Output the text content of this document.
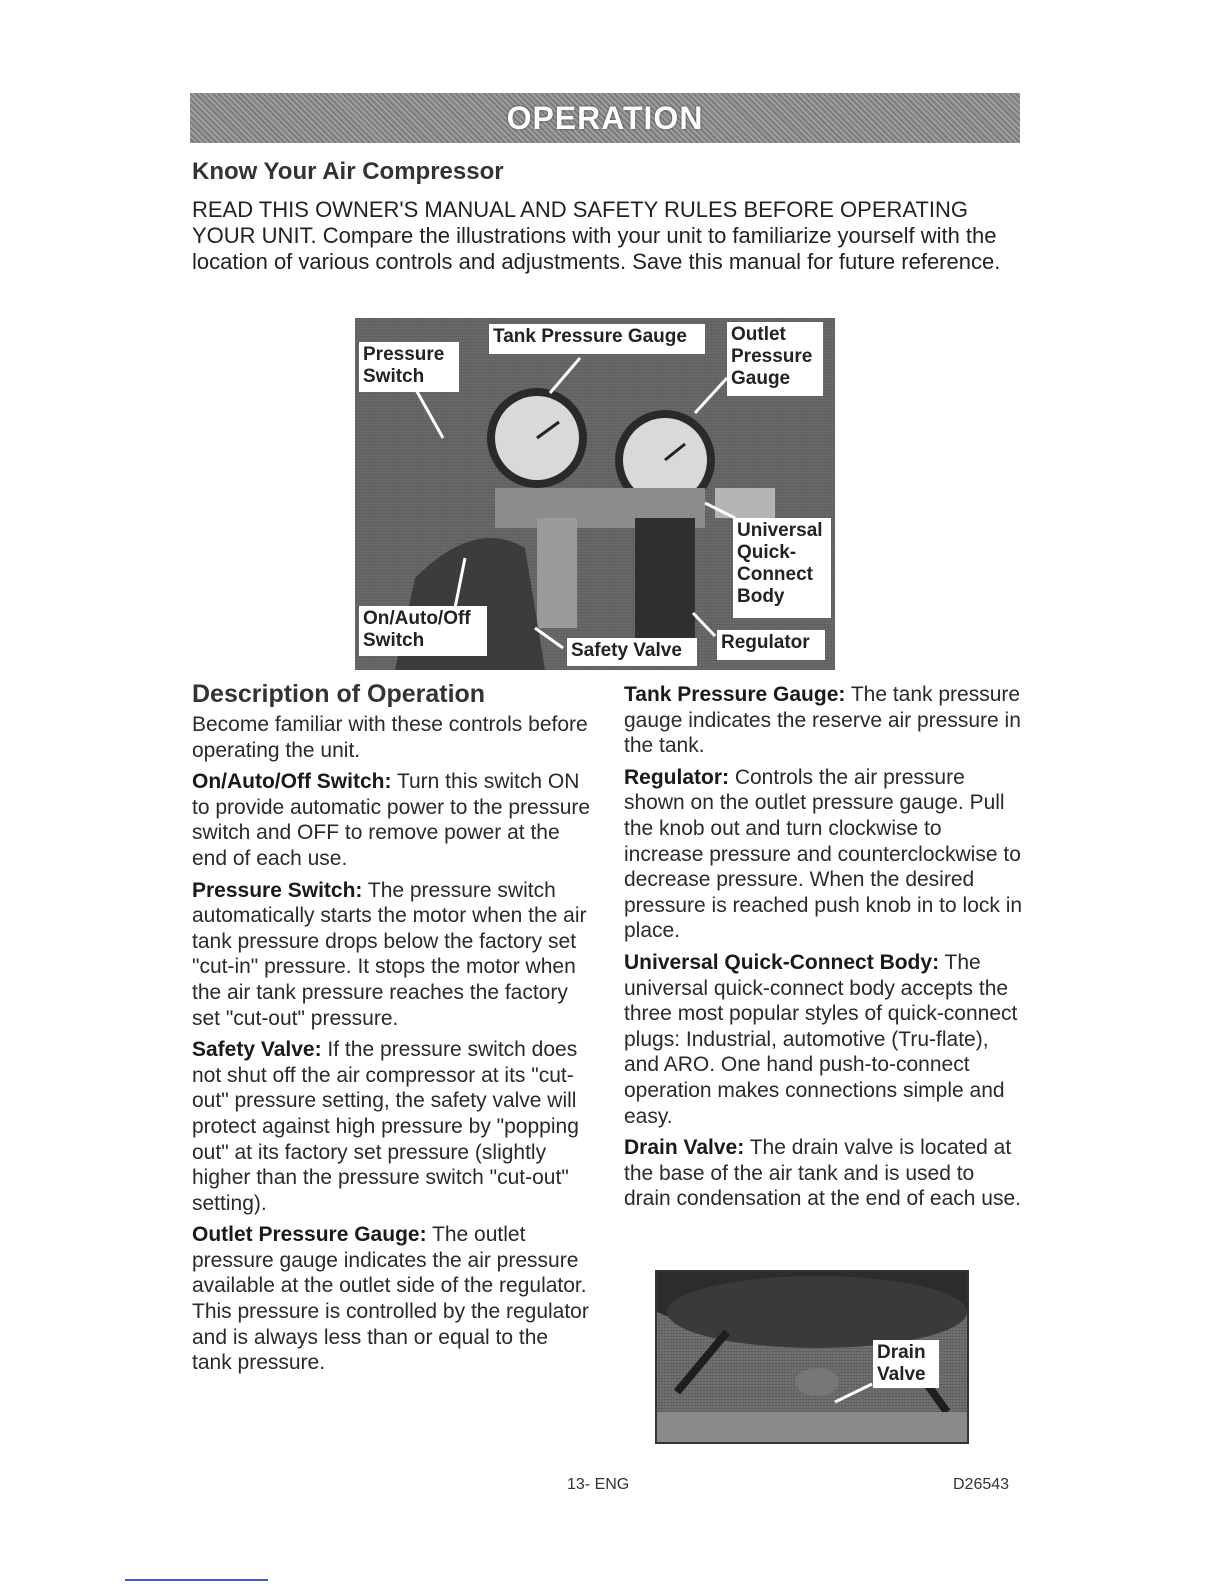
OPERATION
Know Your Air Compressor
READ THIS OWNER'S MANUAL AND SAFETY RULES BEFORE OPERATING YOUR UNIT. Compare the illustrations with your unit to familiarize yourself with the location of various controls and adjustments. Save this manual for future reference.
Tank Pressure Gauge
Pressure Switch
Outlet Pressure Gauge
Universal Quick-Connect Body
On/Auto/Off Switch	Safety Valve	Regulator
Description of Operation

Become familiar with these controls before operating the unit.

On/Auto/Off Switch: Turn this switch ON to provide automatic power to the pressure switch and OFF to remove power at the end of each use.

Pressure Switch: The pressure switch automatically starts the motor when the air tank pressure drops below the factory set "cut-in" pressure. It stops the motor when the air tank pressure reaches the factory set "cut-out" pressure.

Safety Valve: If the pressure switch does not shut off the air compressor at its "cut-out" pressure setting, the safety valve will protect against high pressure by "popping out" at its factory set pressure (slightly higher than the pressure switch "cut-out" setting).

Outlet Pressure Gauge: The outlet pressure gauge indicates the air pressure available at the outlet side of the regulator. This pressure is controlled by the regulator and is always less than or equal to the tank pressure.

Tank Pressure Gauge: The tank pressure gauge indicates the reserve air pressure in the tank.

Regulator: Controls the air pressure shown on the outlet pressure gauge. Pull the knob out and turn clockwise to increase pressure and counterclockwise to decrease pressure. When the desired pressure is reached push knob in to lock in place.

Universal Quick-Connect Body: The universal quick-connect body accepts the three most popular styles of quick-connect plugs: Industrial, automotive (Tru-flate), and ARO. One hand push-to-connect operation makes connections simple and easy.

Drain Valve: The drain valve is located at the base of the air tank and is used to drain condensation at the end of each use.

Drain Valve
13- ENG	D26543
